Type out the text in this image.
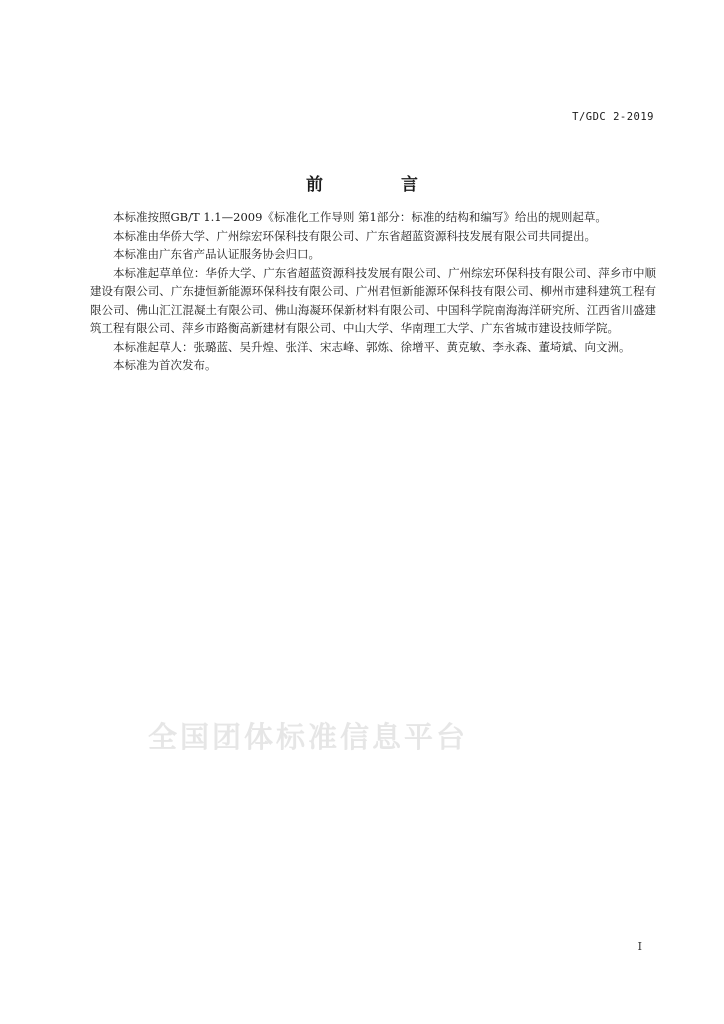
T/GDC 2-2019
前 言

本标准按照GB/T 1.1—2009《标准化工作导则 第1部分：标准的结构和编写》给出的规则起草。

本标准由华侨大学、广州综宏环保科技有限公司、广东省超蓝资源科技发展有限公司共同提出。

本标准由广东省产品认证服务协会归口。

本标准起草单位：华侨大学、广东省超蓝资源科技发展有限公司、广州综宏环保科技有限公司、萍乡市中顺建设有限公司、广东捷恒新能源环保科技有限公司、广州君恒新能源环保科技有限公司、柳州市建科建筑工程有限公司、佛山汇江混凝土有限公司、佛山海凝环保新材料有限公司、中国科学院南海海洋研究所、江西省川盛建筑工程有限公司、萍乡市路衡高新建材有限公司、中山大学、华南理工大学、广东省城市建设技师学院。

本标准起草人：张璐蓝、吴升煌、张洋、宋志峰、郭炼、徐增平、黄克敏、李永森、董埼斌、向文洲。

本标准为首次发布。

全国团体标准信息平台
I
